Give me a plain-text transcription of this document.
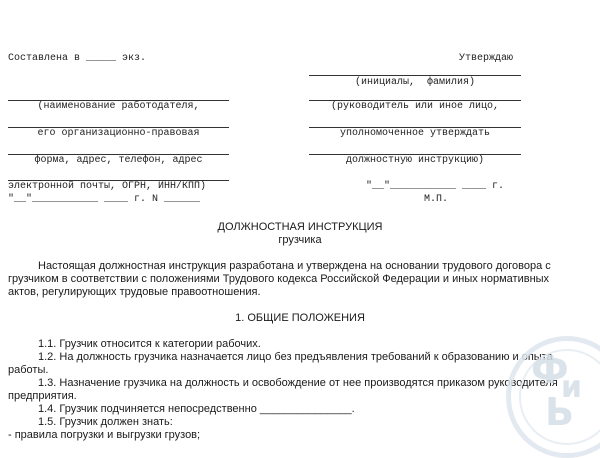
Составлена в _____ экз.
(наименование работодателя,
его организационно-правовая
форма, адрес, телефон, адрес
электронной почты, ОГРН, ИНН/КПП)
"__"___________ ____ г. N ______
Утверждаю
(инициалы,  фамилия)
(руководитель или иное лицо,
уполномоченное утверждать
должностную инструкцию)
"__"___________ ____ г.
М.П.
ДОЛЖНОСТНАЯ ИНСТРУКЦИЯ
грузчика
Настоящая должностная инструкция разработана и утверждена на основании трудового договора с
грузчиком в соответствии с положениями Трудового кодекса Российской Федерации и иных нормативных
актов, регулирующих трудовые правоотношения.
1. ОБЩИЕ ПОЛОЖЕНИЯ
1.1. Грузчик относится к категории рабочих.
1.2. На должность грузчика назначается лицо без предъявления требований к образованию и опыта
работы.
1.3. Назначение грузчика на должность и освобождение от нее производятся приказом руководителя
предприятия.
1.4. Грузчик подчиняется непосредственно _______________.
1.5. Грузчик должен знать:
- правила погрузки и выгрузки грузов;
Ф
и
Ь
